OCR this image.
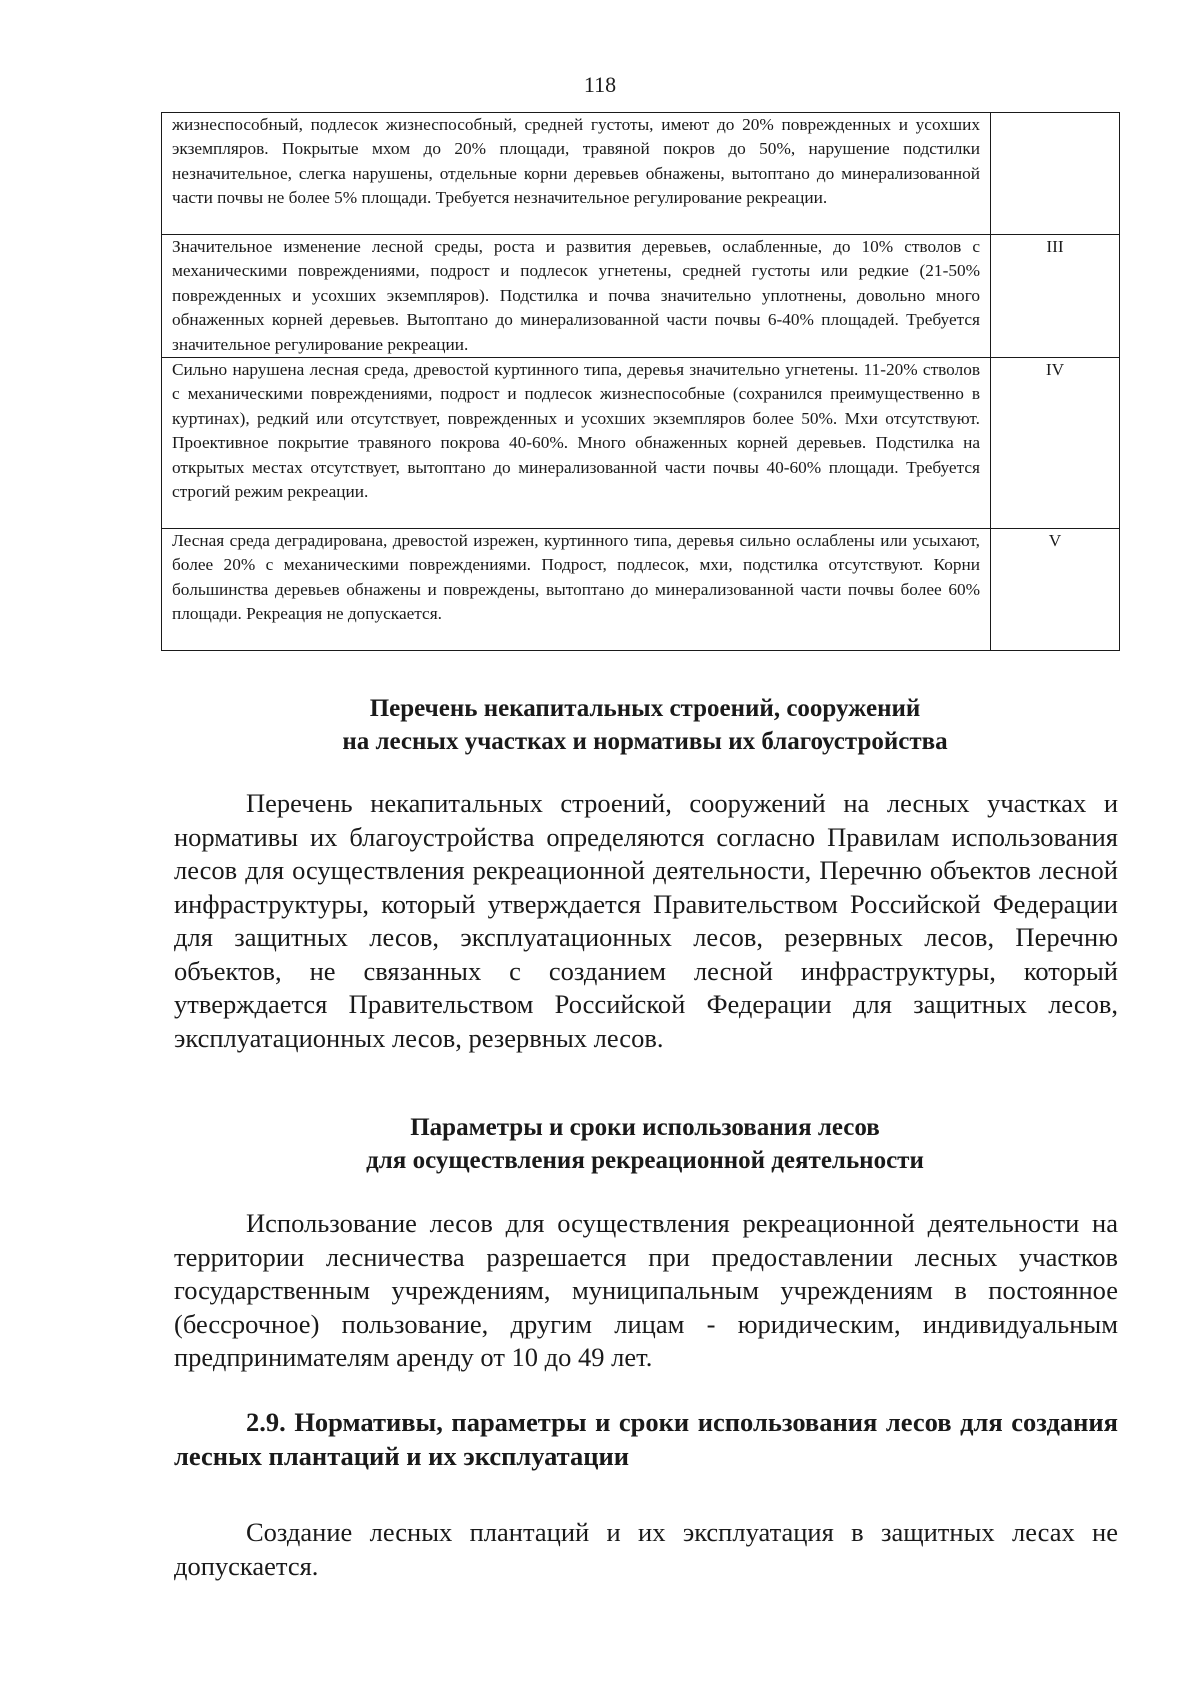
118
жизнеспособный, подлесок жизнеспособный, средней густоты, имеют до 20% поврежденных и усохших экземпляров. Покрытые мхом до 20% площади, травяной покров до 50%, нарушение подстилки незначительное, слегка нарушены, отдельные корни деревьев обнажены, вытоптано до минерализованной части почвы не более 5% площади. Требуется незначительное регулирование рекреации.	
Значительное изменение лесной среды, роста и развития деревьев, ослабленные, до 10% стволов с механическими повреждениями, подрост и подлесок угнетены, средней густоты или редкие (21-50% поврежденных и усохших экземпляров). Подстилка и почва значительно уплотнены, довольно много обнаженных корней деревьев. Вытоптано до минерализованной части почвы 6-40% площадей. Требуется значительное регулирование рекреации.	III
Сильно нарушена лесная среда, древостой куртинного типа, деревья значительно угнетены. 11-20% стволов с механическими повреждениями, подрост и подлесок жизнеспособные (сохранился преимущественно в куртинах), редкий или отсутствует, поврежденных и усохших экземпляров более 50%. Мхи отсутствуют. Проективное покрытие травяного покрова 40-60%. Много обнаженных корней деревьев. Подстилка на открытых местах отсутствует, вытоптано до минерализованной части почвы 40-60% площади. Требуется строгий режим рекреации.	IV
Лесная среда деградирована, древостой изрежен, куртинного типа, деревья сильно ослаблены или усыхают, более 20% с механическими повреждениями. Подрост, подлесок, мхи, подстилка отсутствуют. Корни большинства деревьев обнажены и повреждены, вытоптано до минерализованной части почвы более 60% площади. Рекреация не допускается.	V
Перечень некапитальных строений, сооружений
на лесных участках и нормативы их благоустройства

Перечень некапитальных строений, сооружений на лесных участках и нормативы их благоустройства определяются согласно Правилам использования лесов для осуществления рекреационной деятельности, Перечню объектов лесной инфраструктуры, который утверждается Правительством Российской Федерации для защитных лесов, эксплуатационных лесов, резервных лесов, Перечню объектов, не связанных с созданием лесной инфраструктуры, который утверждается Правительством Российской Федерации для защитных лесов, эксплуатационных лесов, резервных лесов.

Параметры и сроки использования лесов
для осуществления рекреационной деятельности

Использование лесов для осуществления рекреационной деятельности на территории лесничества разрешается при предоставлении лесных участков государственным учреждениям, муниципальным учреждениям в постоянное (бессрочное) пользование, другим лицам - юридическим, индивидуальным предпринимателям аренду от 10 до 49 лет.

2.9. Нормативы, параметры и сроки использования лесов для создания лесных плантаций и их эксплуатации

Создание лесных плантаций и их эксплуатация в защитных лесах не допускается.
